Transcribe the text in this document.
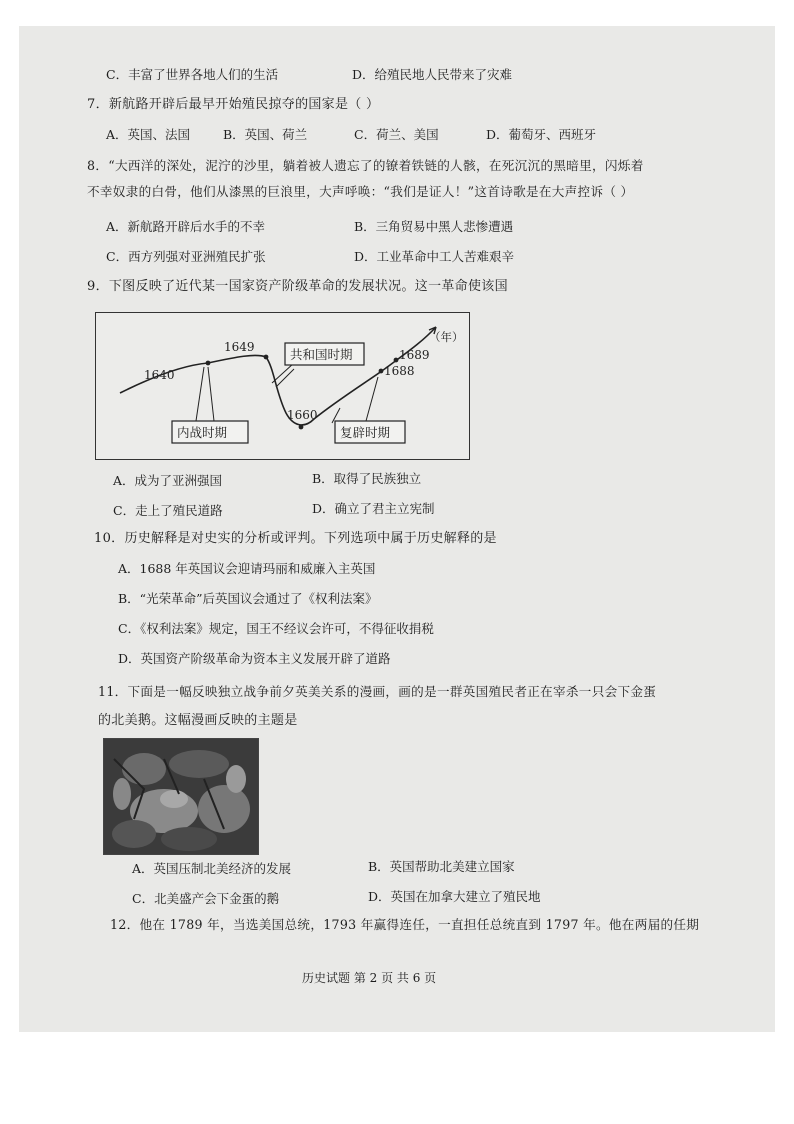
C．丰富了世界各地人们的生活	D．给殖民地人民带来了灾难
7．新航路开辟后最早开始殖民掠夺的国家是（ ）
A．英国、法国	B．英国、荷兰	C．荷兰、美国	D．葡萄牙、西班牙
8．“大西洋的深处，泥泞的沙里，躺着被人遗忘了的镣着铁链的人骸，在死沉沉的黑暗里，闪烁着
不幸奴隶的白骨，他们从漆黑的巨浪里，大声呼唤：“我们是证人！”这首诗歌是在大声控诉（ ）
A．新航路开辟后水手的不幸	B．三角贸易中黑人悲惨遭遇
C．西方列强对亚洲殖民扩张	D．工业革命中工人苦难艰辛
9．下图反映了近代某一国家资产阶级革命的发展状况。这一革命使该国
1640
1649
1660
1688
1689
（年）
内战时期
共和国时期
复辟时期
A．成为了亚洲强国	B．取得了民族独立
C．走上了殖民道路	D．确立了君主立宪制
10．历史解释是对史实的分析或评判。下列选项中属于历史解释的是
A．1688 年英国议会迎请玛丽和威廉入主英国
B．“光荣革命”后英国议会通过了《权利法案》
C．《权利法案》规定，国王不经议会许可，不得征收捐税
D．英国资产阶级革命为资本主义发展开辟了道路
11．下面是一幅反映独立战争前夕英美关系的漫画，画的是一群英国殖民者正在宰杀一只会下金蛋
的北美鹅。这幅漫画反映的主题是
A．英国压制北美经济的发展	B．英国帮助北美建立国家
C．北美盛产会下金蛋的鹅	D．英国在加拿大建立了殖民地
12．他在 1789 年，当选美国总统，1793 年赢得连任，一直担任总统直到 1797 年。他在两届的任期
历史试题 第 2 页 共 6 页
